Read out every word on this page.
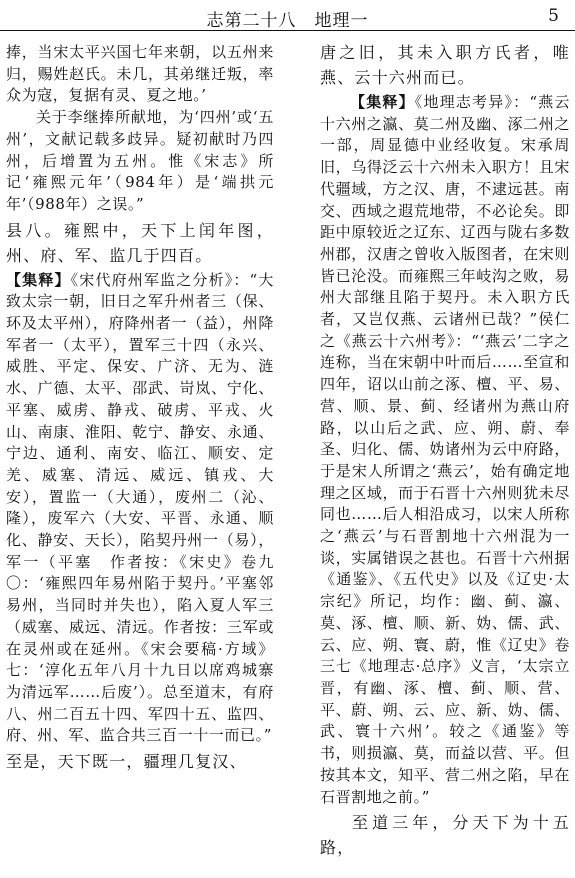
志第二十八　地理一	5

捧，当宋太平兴国七年来朝，以五州来归，赐姓赵氏。未几，其弟继迁叛，率众为寇，复据有灵、夏之地。’

关于李继捧所献地，为‘四州’或‘五州’，文献记载多歧异。疑初献时乃四州，后增置为五州。惟《宋志》所记‘雍熙元年’（984年）是‘端拱元年’（988年）之误。”

县八。雍熙中，天下上闰年图，州、府、军、监几于四百。

【集释】《宋代府州军监之分析》：“大致太宗一朝，旧日之军升州者三（保、环及太平州），府降州者一（益），州降军者一（太平），置军三十四（永兴、威胜、平定、保安、广济、无为、涟水、广德、太平、邵武、岢岚、宁化、平塞、威虏、静戎、破虏、平戎、火山、南康、淮阳、乾宁、静安、永通、宁边、通利、南安、临江、顺安、定羌、威塞、清远、威远、镇戎、大安），置监一（大通），废州二（沁、隆），废军六（大安、平晋、永通、顺化、静安、天长），陷契丹州一（易），军一（平塞　作者按：《宋史》卷九〇：‘雍熙四年易州陷于契丹。’平塞邻易州，当同时并失也），陷入夏人军三（威塞、威远、清远。作者按：三军或在灵州或在延州。《宋会要稿·方域》七：‘淳化五年八月十九日以席鸡城寨为清远军……后废’）。总至道末，有府八、州二百五十四、军四十五、监四、府、州、军、监合共三百一十一而已。”

至是，天下既一，疆理几复汉、

唐之旧，其未入职方氏者，唯燕、云十六州而已。

【集释】《地理志考异》：“燕云十六州之瀛、莫二州及幽、涿二州之一部，周显德中业经收复。宋承周旧，乌得泛云十六州未入职方！且宋代疆域，方之汉、唐，不逮远甚。南交、西域之遐荒地带，不必论矣。即距中原较近之辽东、辽西与陇右多数州郡，汉唐之曾收入版图者，在宋则皆已沦没。而雍熙三年岐沟之败，易州大部继且陷于契丹。未入职方氏者，又岂仅燕、云诸州已哉？”侯仁之《燕云十六州考》：“‘燕云’二字之连称，当在宋朝中叶而后……至宣和四年，诏以山前之涿、檀、平、易、营、顺、景、蓟、经诸州为燕山府路，以山后之武、应、朔、蔚、奉圣、归化、儒、妫诸州为云中府路，于是宋人所谓之‘燕云’，始有确定地理之区域，而于石晋十六州则犹未尽同也……后人相沿成习，以宋人所称之‘燕云’与石晋割地十六州混为一谈，实属错误之甚也。石晋十六州据《通鉴》、《五代史》以及《辽史·太宗纪》所记，均作：幽、蓟、瀛、莫、涿、檀、顺、新、妫、儒、武、云、应、朔、寰、蔚，惟《辽史》卷三七《地理志·总序》义言，‘太宗立晋，有幽、涿、檀、蓟、顺、营、平、蔚、朔、云、应、新、妫、儒、武、寰十六州’。较之《通鉴》等书，则损瀛、莫，而益以营、平。但按其本文，知平、营二州之陷，早在石晋割地之前。”

至道三年，分天下为十五路，
